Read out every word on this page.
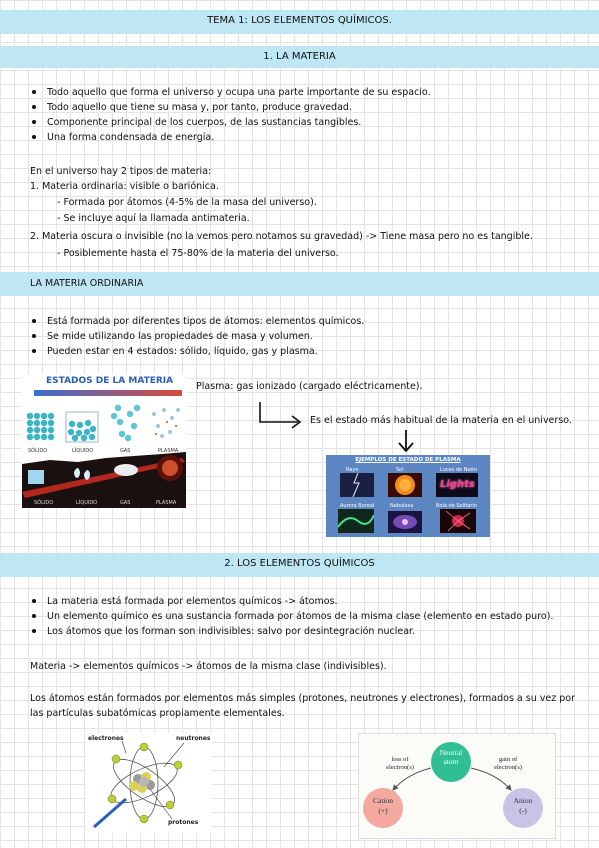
TEMA 1: LOS ELEMENTOS QUÍMICOS.
1. LA MATERIA
Todo aquello que forma el universo y ocupa una parte importante de su espacio.
Todo aquello que tiene su masa y, por tanto, produce gravedad.
Componente principal de los cuerpos, de las sustancias tangibles.
Una forma condensada de energía.
En el universo hay 2 tipos de materia:
1. Materia ordinaria: visible o bariónica.
- Formada por átomos (4-5% de la masa del universo).
- Se incluye aquí la llamada antimateria.
2. Materia oscura o invisible (no la vemos pero notamos su gravedad) -> Tiene masa pero no es tangible.
- Posiblemente hasta el 75-80% de la materia del universo.
LA MATERIA ORDINARIA
Está formada por diferentes tipos de átomos: elementos químicos.
Se mide utilizando las propiedades de masa y volumen.
Pueden estar en 4 estados: sólido, líquido, gas y plasma.
ESTADOS DE LA MATERIA
SÓLIDO	LÍQUIDO	GAS	PLASMA
SÓLIDO	LÍQUIDO	GAS	PLASMA
Plasma: gas ionizado (cargado eléctricamente).
Es el estado más habitual de la materia en el universo.
EJEMPLOS DE ESTADO DE PLASMA
Rayo	Sol	Luces de Neón
Lights
Aurora Boreal	Nebulosa	Bola de Solitario
2. LOS ELEMENTOS QUÍMICOS
La materia está formada por elementos químicos -> átomos.
Un elemento químico es una sustancia formada por átomos de la misma clase (elemento en estado puro).
Los átomos que los forman son indivisibles: salvo por desintegración nuclear.
Materia -> elementos químicos -> átomos de la misma clase (indivisibles).
Los átomos están formados por elementos más simples (protones, neutrones y electrones), formados a su vez por
las partículas subatómicas propiamente elementales.
electrones	neutrones
protones
Neutral
atom
loss of
electron(s)
gain of
electron(s)
Cation
(+)
Anion
(-)
